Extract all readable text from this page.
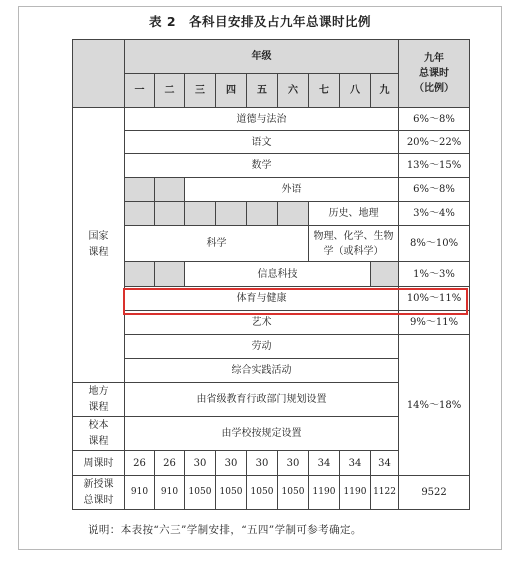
表 2　各科目安排及占九年总课时比例
	年级									九年
总课时
（比例）
	一	二	三	四	五	六	七	八	九	
国家
课程	道德与法治									6%～8%
	语文									20%～22%
	数学									13%～15%
			外语							6%～8%
							历史、地理			3%～4%
	科学						物理、化学、生物学（或科学）			8%～10%
			信息科技							1%～3%
	体育与健康									10%～11%
	艺术									9%～11%
	劳动									14%～18%
	综合实践活动									
地方
课程	由省级教育行政部门规划设置									
校本
课程	由学校按规定设置									
周课时	26	26	30	30	30	30	34	34	34	
新授课
总课时	910	910	1050	1050	1050	1050	1190	1190	1122	9522
说明：本表按“六三”学制安排，“五四”学制可参考确定。
